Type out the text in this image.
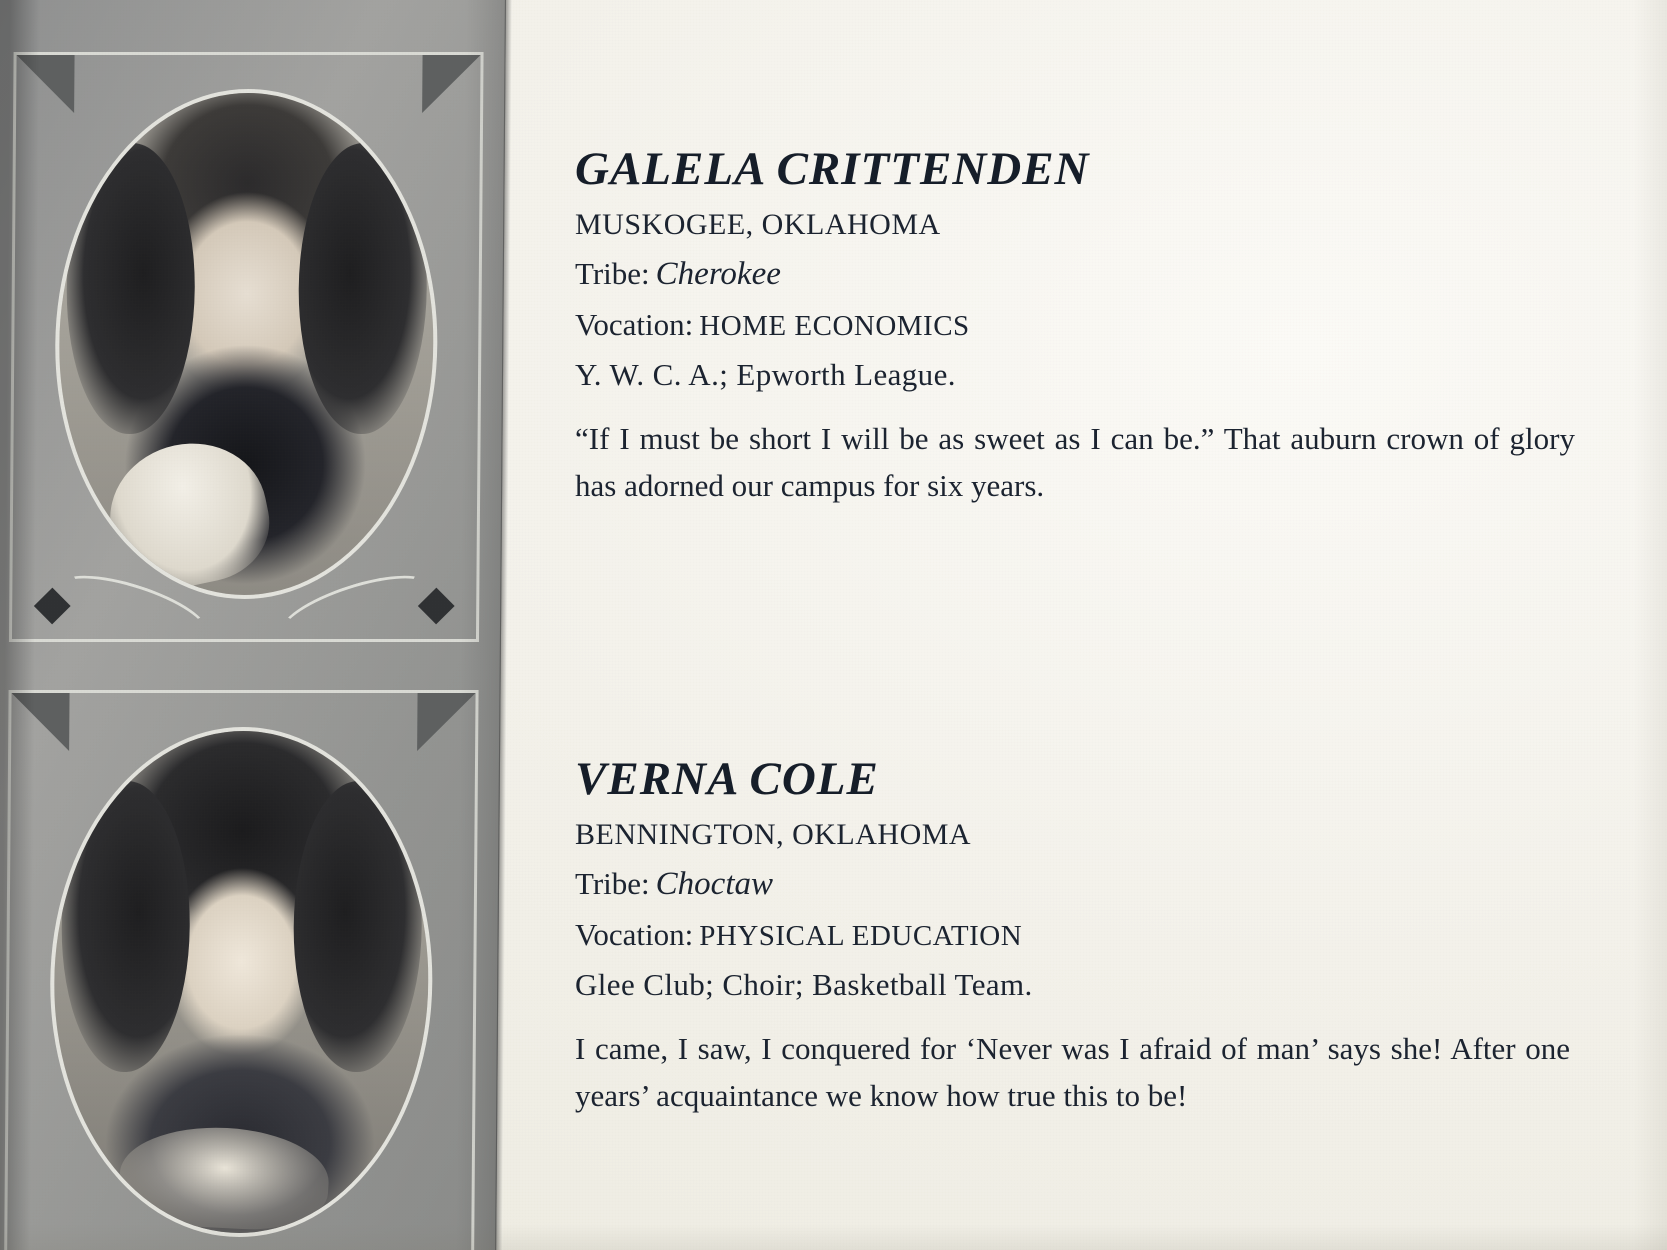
GALELA CRITTENDEN
MUSKOGEE, OKLAHOMA
Tribe: Cherokee
Vocation: HOME ECONOMICS
Y. W. C. A.; Epworth League.

“If I must be short I will be as sweet as I can be.” That auburn crown of glory has adorned our campus for six years.

VERNA COLE
BENNINGTON, OKLAHOMA
Tribe: Choctaw
Vocation: PHYSICAL EDUCATION
Glee Club; Choir; Basketball Team.

I came, I saw, I conquered for ‘Never was I afraid of man’ says she! After one years’ acquaintance we know how true this to be!
